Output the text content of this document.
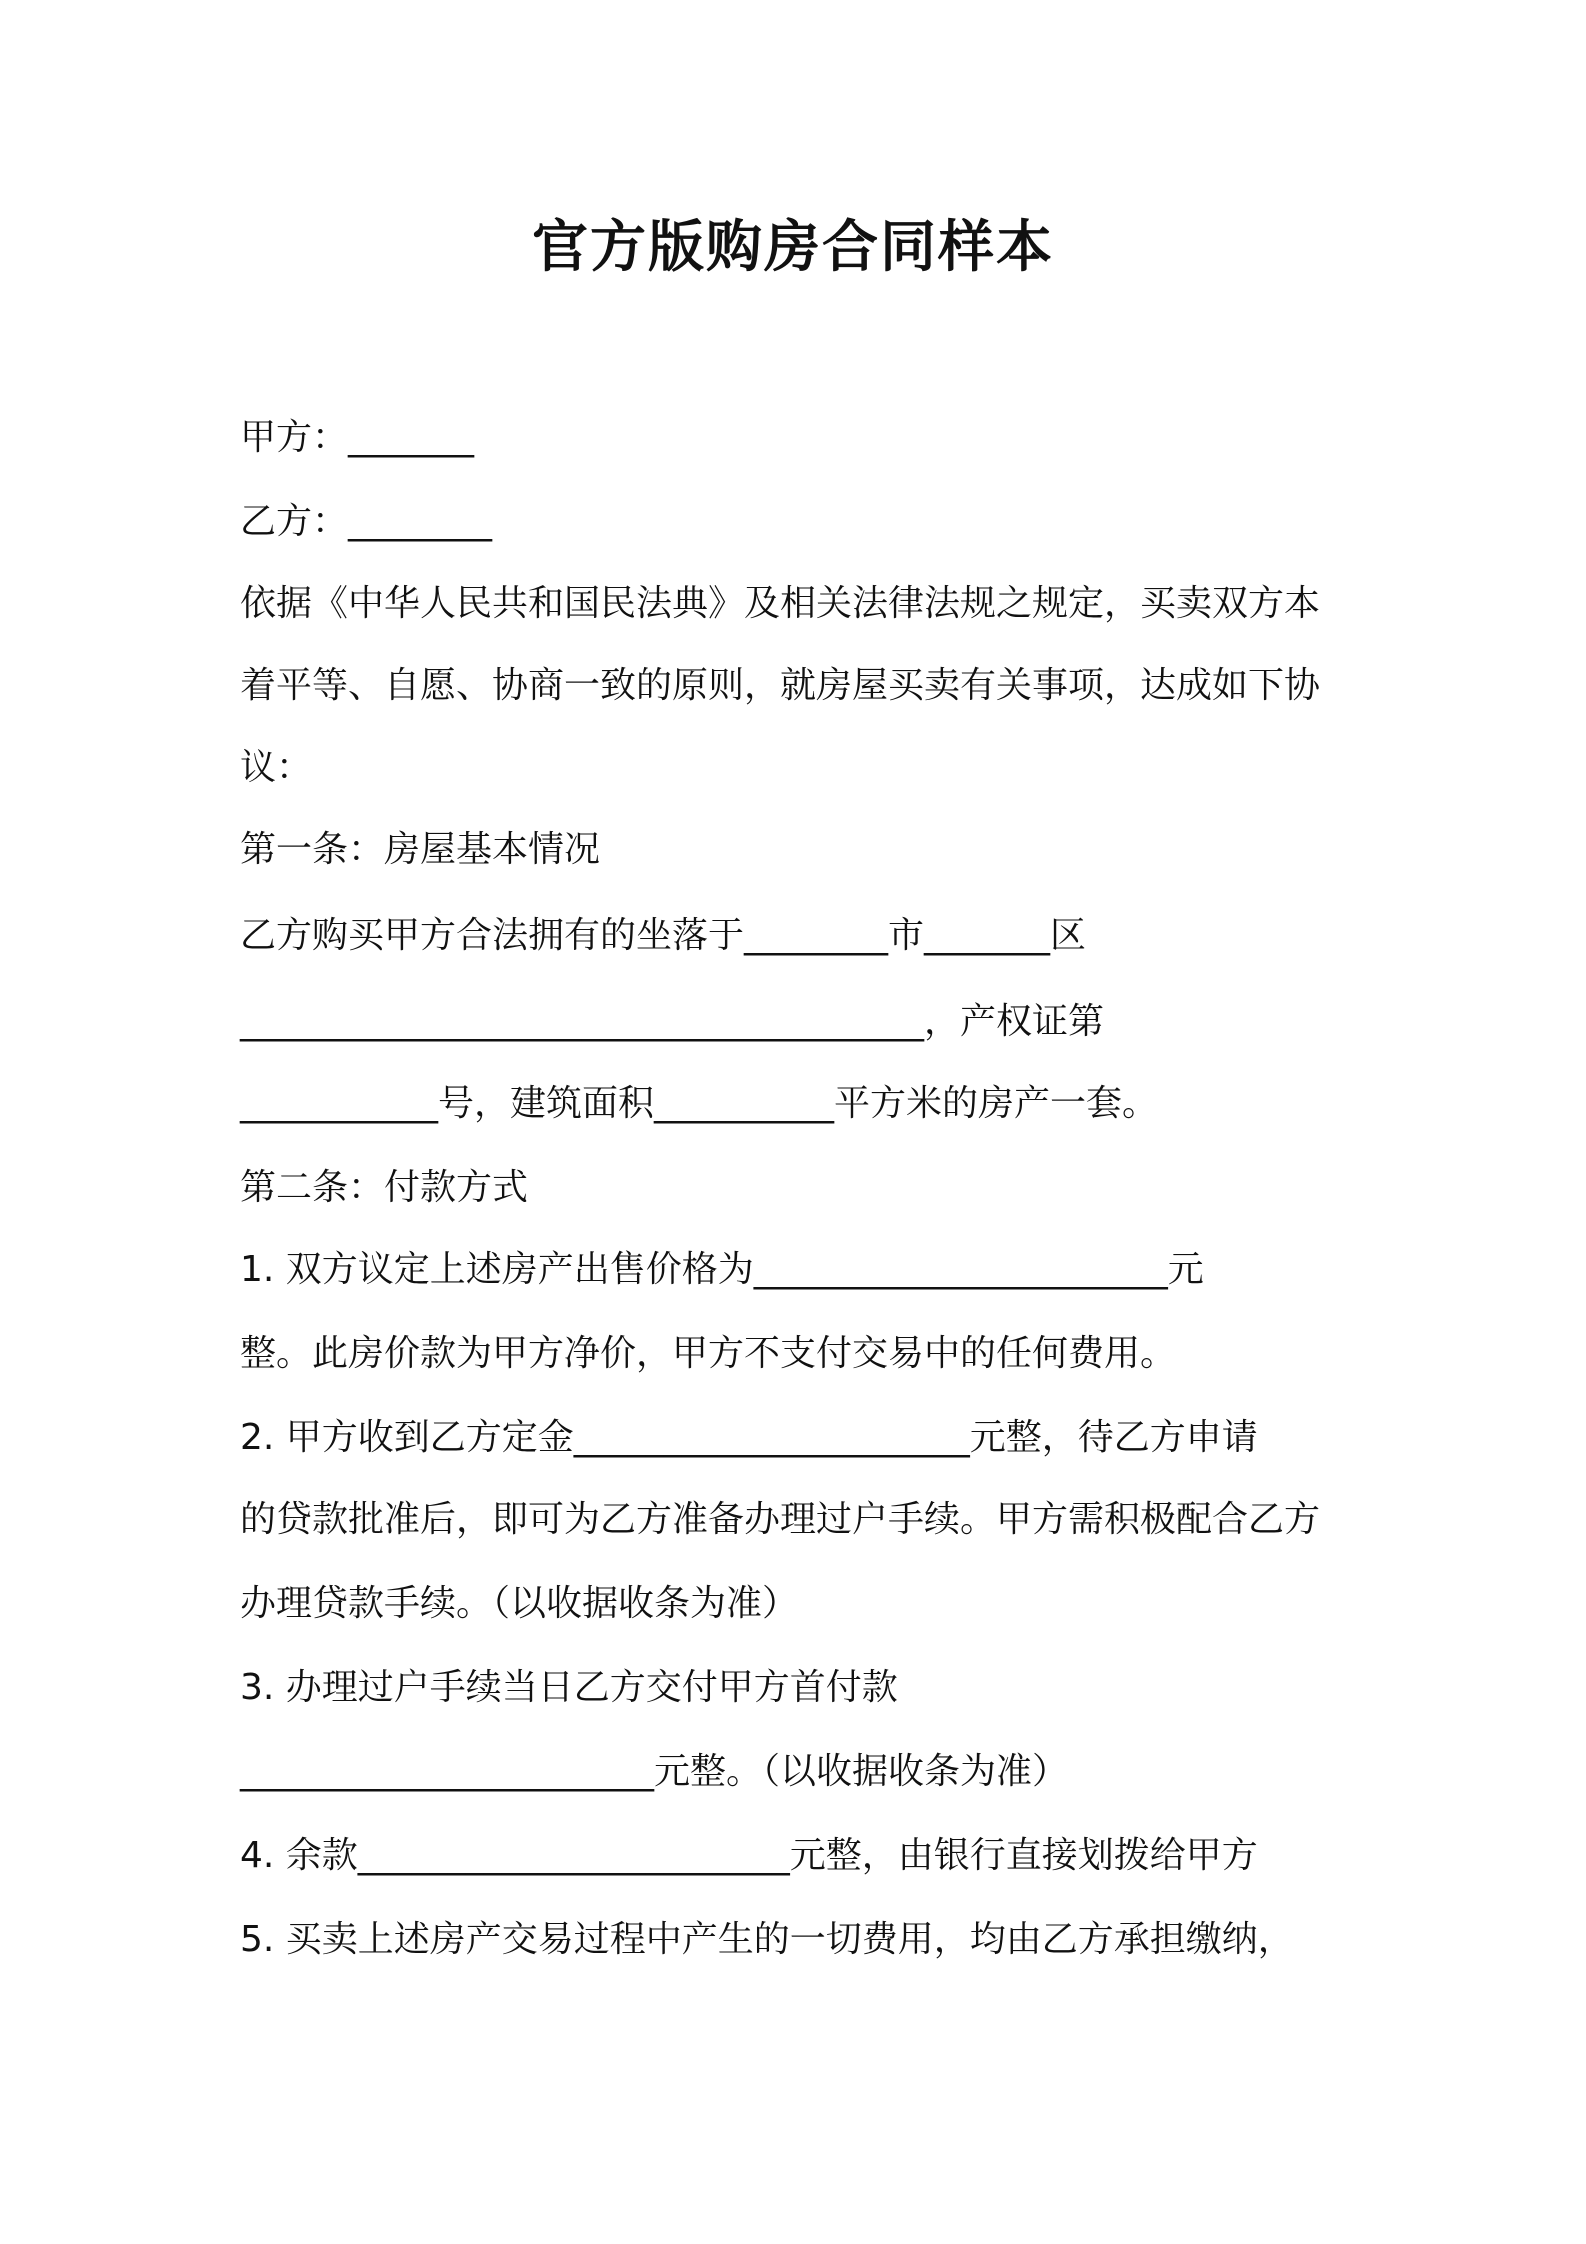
官方版购房合同样本
甲方：_______
乙方：________
依据《中华人民共和国民法典》及相关法律法规之规定，买卖双方本
着平等、自愿、协商一致的原则，就房屋买卖有关事项，达成如下协
议：
第一条：房屋基本情况
乙方购买甲方合法拥有的坐落于________市_______区
______________________________________，产权证第
___________号，建筑面积__________平方米的房产一套。
第二条：付款方式
1. 双方议定上述房产出售价格为_______________________元
整。此房价款为甲方净价，甲方不支付交易中的任何费用。
2. 甲方收到乙方定金______________________元整，待乙方申请
的贷款批准后，即可为乙方准备办理过户手续。甲方需积极配合乙方
办理贷款手续。（以收据收条为准）
3. 办理过户手续当日乙方交付甲方首付款
_______________________元整。（以收据收条为准）
4. 余款________________________元整，由银行直接划拨给甲方
5. 买卖上述房产交易过程中产生的一切费用，均由乙方承担缴纳，
